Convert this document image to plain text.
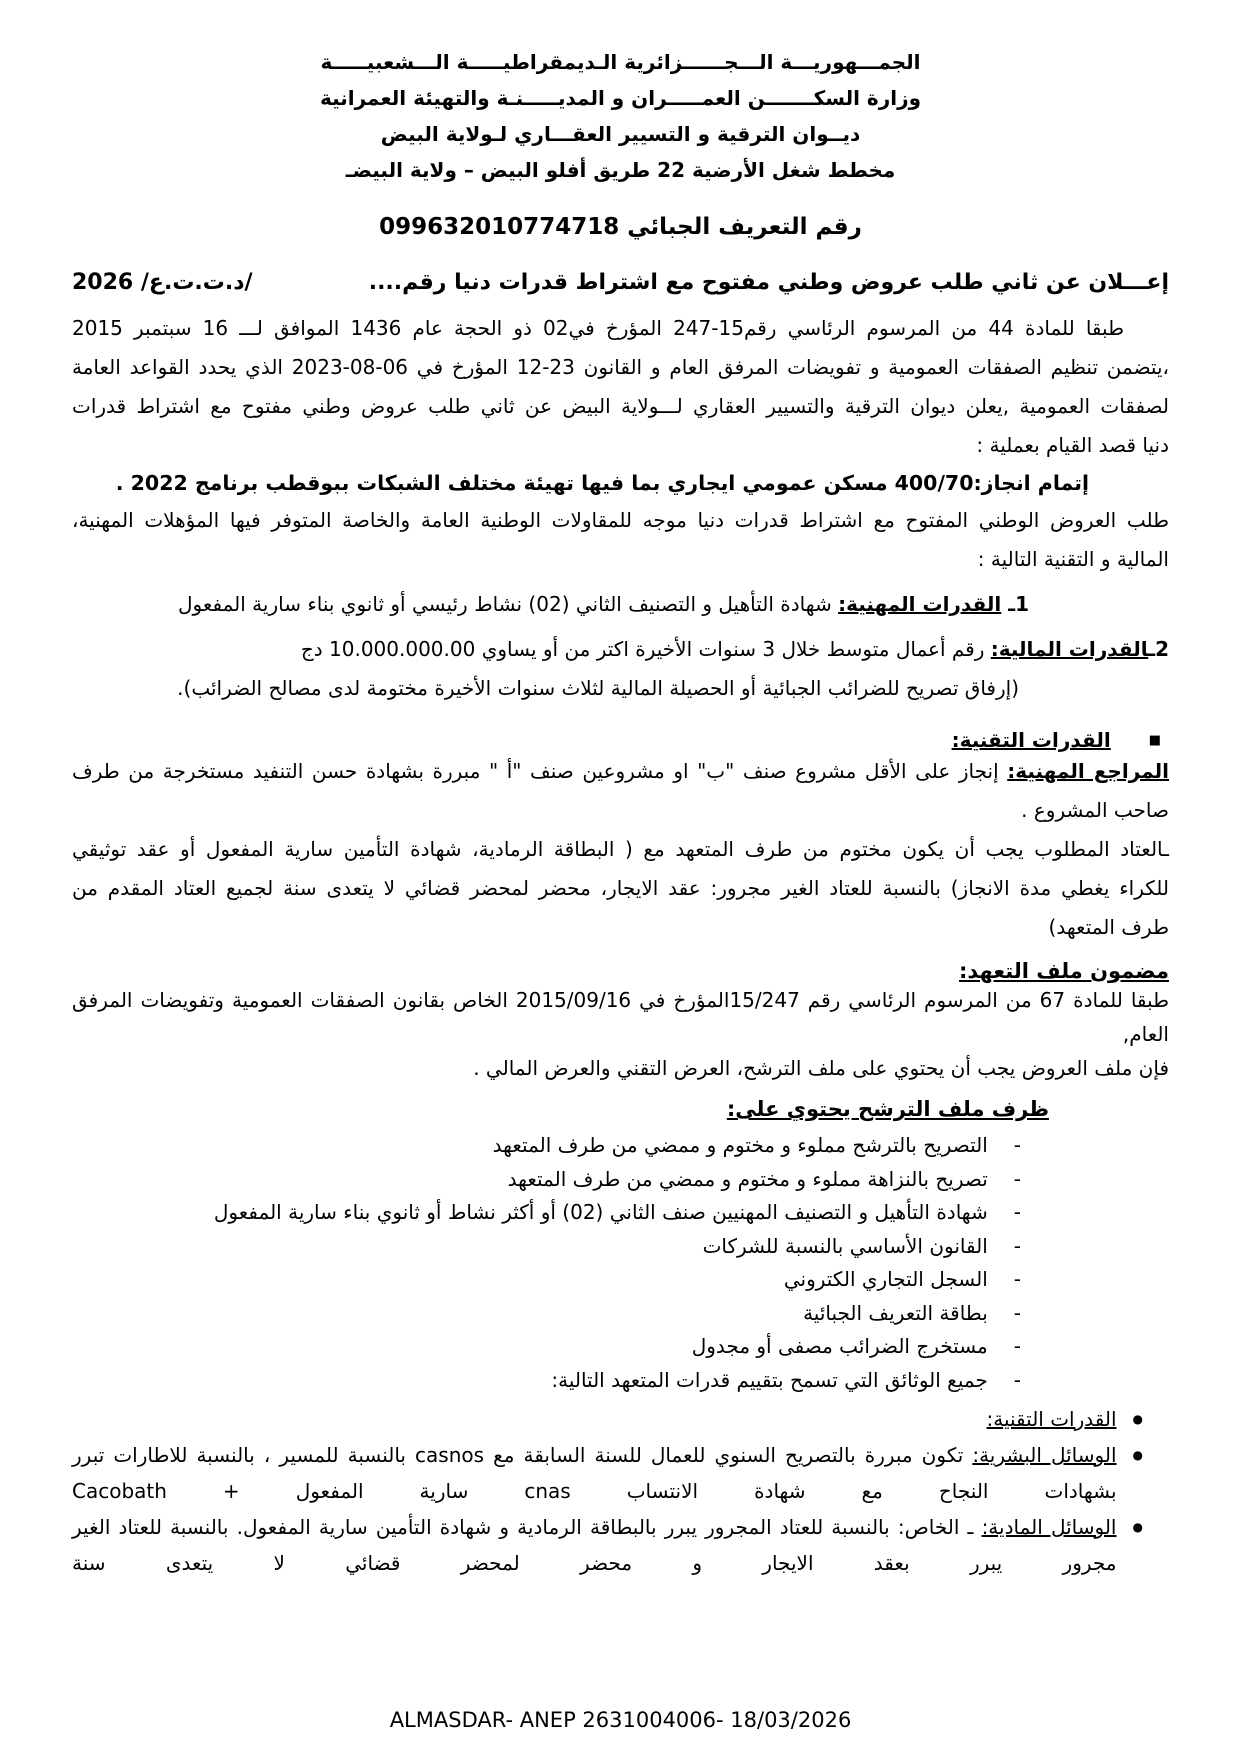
الجمـــهوريـــة الـــجــــــزائرية الـديمقراطيـــــة الـــشعبيـــــة
وزارة السكـــــــن العمـــــران و المديـــــنـة والتهيئة العمرانية
ديــوان الترقية و التسيير العقـــاري لـولاية البيض
مخطط شغل الأرضية 22 طريق أفلو البيض – ولاية البيضـ
رقم التعريف الجبائي 099632010774718
إعـــلان عن ثاني طلب عروض وطني مفتوح مع اشتراط قدرات دنيا رقم....
/د.ت.ت.ع/ 2026
طبقا للمادة 44 من المرسوم الرئاسي رقم15-247 المؤرخ في02 ذو الحجة عام 1436 الموافق لـــ 16 سبتمبر 2015
،يتضمن تنظيم الصفقات العمومية و تفويضات المرفق العام و القانون 23-12 المؤرخ في 06-08-2023 الذي يحدد القواعد العامة
لصفقات العمومية ,يعلن ديوان الترقية والتسيير العقاري لـــولاية البيض عن ثاني طلب عروض وطني مفتوح مع اشتراط قدرات
دنيا قصد القيام بعملية :
إتمام انجاز:400/70 مسكن عمومي ايجاري بما فيها تهيئة مختلف الشبكات ببوقطب برنامج 2022 .
طلب العروض الوطني المفتوح مع اشتراط قدرات دنيا موجه للمقاولات الوطنية العامة والخاصة المتوفر فيها المؤهلات المهنية،
المالية و التقنية التالية :
1ـ القدرات المهنية: شهادة التأهيل و التصنيف الثاني (02) نشاط رئيسي أو ثانوي بناء سارية المفعول
2ـالقدرات المالية: رقم أعمال متوسط خلال 3 سنوات الأخيرة اكتر من أو يساوي 10.000.000.00 دج
(إرفاق تصريح للضرائب الجبائية أو الحصيلة المالية لثلاث سنوات الأخيرة مختومة لدى مصالح الضرائب).
■
القدرات التقنية:
المراجع المهنية: إنجاز على الأقل مشروع صنف "ب" او مشروعين صنف "أ " مبررة بشهادة حسن التنفيد مستخرجة من طرف
صاحب المشروع .
ـالعتاد المطلوب يجب أن يكون مختوم من طرف المتعهد مع ( البطاقة الرمادية، شهادة التأمين سارية المفعول أو عقد توثيقي
للكراء يغطي مدة الانجاز) بالنسبة للعتاد الغير مجرور: عقد الايجار، محضر لمحضر قضائي لا يتعدى سنة لجميع العتاد المقدم من
طرف المتعهد)
مضمون ملف التعهد:
طبقا للمادة 67 من المرسوم الرئاسي رقم 15/247المؤرخ في 2015/09/16 الخاص بقانون الصفقات العمومية وتفويضات المرفق العام,
فإن ملف العروض يجب أن يحتوي على ملف الترشح، العرض التقني والعرض المالي .
ظرف ملف الترشح يحتوي على:
-
التصريح بالترشح مملوء و مختوم و ممضي من طرف المتعهد
-
تصريح بالنزاهة مملوء و مختوم و ممضي من طرف المتعهد
-
شهادة التأهيل و التصنيف المهنيين صنف الثاني (02) أو أكثر نشاط أو ثانوي بناء سارية المفعول
-
القانون الأساسي بالنسبة للشركات
-
السجل التجاري الكتروني
-
بطاقة التعريف الجبائية
-
مستخرج الضرائب مصفى أو مجدول
-
جميع الوثائق التي تسمح بتقييم قدرات المتعهد التالية:
●
القدرات التقنية:
●
الوسائل البشرية: تكون مبررة بالتصريح السنوي للعمال للسنة السابقة مع casnos بالنسبة للمسير ، بالنسبة للاطارات تبرر بشهادات النجاح مع شهادة الانتساب cnas سارية المفعول + Cacobath
●
الوسائل المادية: ـ الخاص: بالنسبة للعتاد المجرور يبرر بالبطاقة الرمادية و شهادة التأمين سارية المفعول. بالنسبة للعتاد الغير مجرور يبرر بعقد الايجار و محضر لمحضر قضائي لا يتعدى سنة
ALMASDAR- ANEP 2631004006- 18/03/2026
